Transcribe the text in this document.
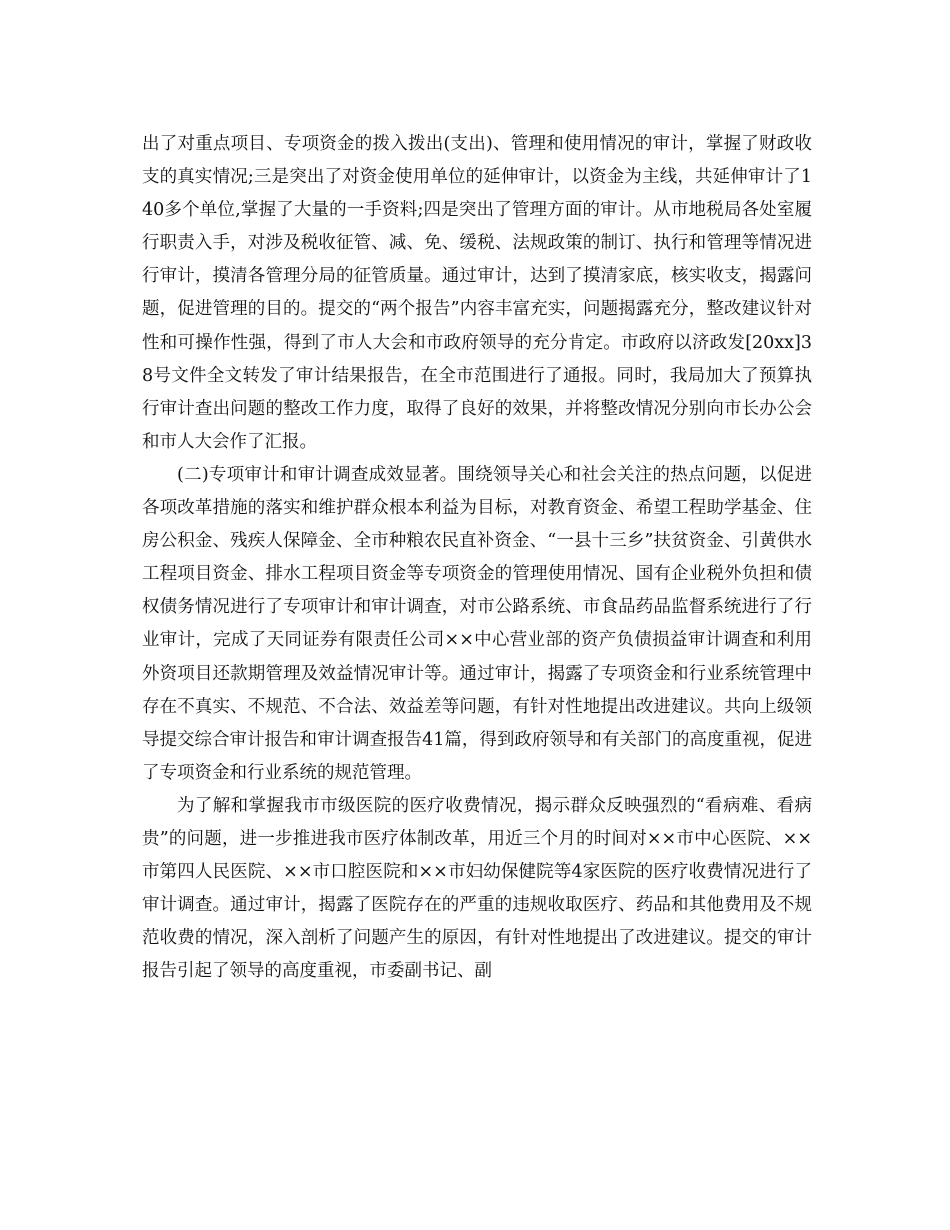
出了对重点项目、专项资金的拨入拨出(支出)、管理和使用情况的审计，掌握了财政收支的真实情况;三是突出了对资金使用单位的延伸审计，以资金为主线，共延伸审计了140多个单位,掌握了大量的一手资料;四是突出了管理方面的审计。从市地税局各处室履行职责入手，对涉及税收征管、减、免、缓税、法规政策的制订、执行和管理等情况进行审计，摸清各管理分局的征管质量。通过审计，达到了摸清家底，核实收支，揭露问题，促进管理的目的。提交的“两个报告”内容丰富充实，问题揭露充分，整改建议针对性和可操作性强，得到了市人大会和市政府领导的充分肯定。市政府以济政发[20xx]38号文件全文转发了审计结果报告，在全市范围进行了通报。同时，我局加大了预算执行审计查出问题的整改工作力度，取得了良好的效果，并将整改情况分别向市长办公会和市人大会作了汇报。

(二)专项审计和审计调查成效显著。围绕领导关心和社会关注的热点问题，以促进各项改革措施的落实和维护群众根本利益为目标，对教育资金、希望工程助学基金、住房公积金、残疾人保障金、全市种粮农民直补资金、“一县十三乡”扶贫资金、引黄供水工程项目资金、排水工程项目资金等专项资金的管理使用情况、国有企业税外负担和债权债务情况进行了专项审计和审计调查，对市公路系统、市食品药品监督系统进行了行业审计，完成了天同证券有限责任公司××中心营业部的资产负债损益审计调查和利用外资项目还款期管理及效益情况审计等。通过审计，揭露了专项资金和行业系统管理中存在不真实、不规范、不合法、效益差等问题，有针对性地提出改进建议。共向上级领导提交综合审计报告和审计调查报告41篇，得到政府领导和有关部门的高度重视，促进了专项资金和行业系统的规范管理。

为了解和掌握我市市级医院的医疗收费情况，揭示群众反映强烈的“看病难、看病贵”的问题，进一步推进我市医疗体制改革，用近三个月的时间对××市中心医院、××市第四人民医院、××市口腔医院和××市妇幼保健院等4家医院的医疗收费情况进行了审计调查。通过审计，揭露了医院存在的严重的违规收取医疗、药品和其他费用及不规范收费的情况，深入剖析了问题产生的原因，有针对性地提出了改进建议。提交的审计报告引起了领导的高度重视，市委副书记、副
